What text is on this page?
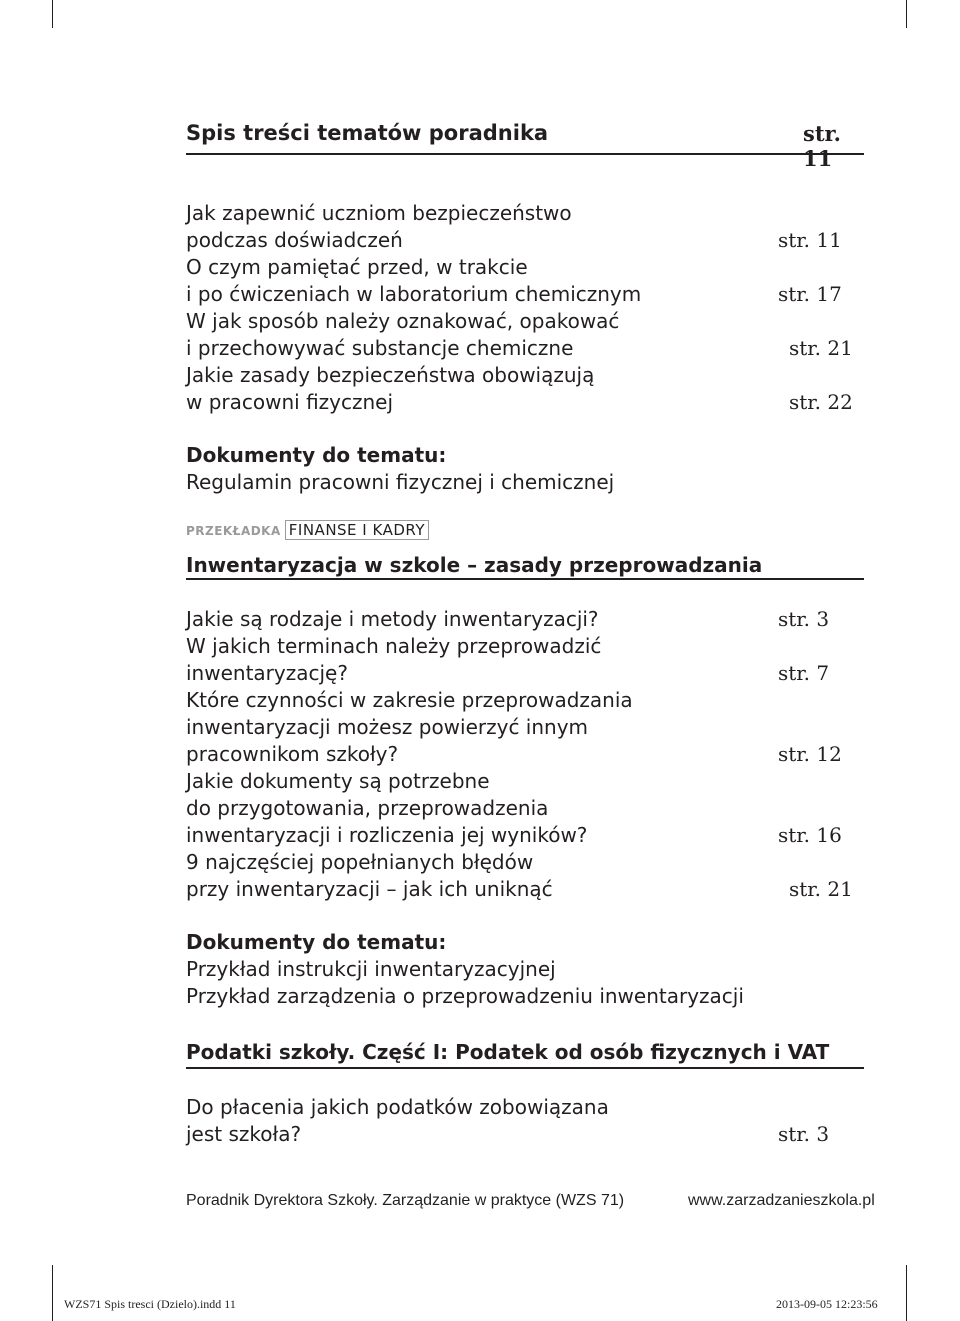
Spis treści tematów poradnika	str. 11
Jak zapewnić uczniom bezpieczeństwo
podczas doświadczeń	str. 11
O czym pamiętać przed, w trakcie
i po ćwiczeniach w laboratorium chemicznym	str. 17
W jak sposób należy oznakować, opakować
i przechowywać substancje chemiczne	str. 21
Jakie zasady bezpieczeństwa obowiązują
w pracowni fizycznej	str. 22
Dokumenty do tematu:
Regulamin pracowni fizycznej i chemicznej
PRZEKŁADKA FINANSE I KADRY
Inwentaryzacja w szkole – zasady przeprowadzania
Jakie są rodzaje i metody inwentaryzacji?	str. 3
W jakich terminach należy przeprowadzić
inwentaryzację?	str. 7
Które czynności w zakresie przeprowadzania
inwentaryzacji możesz powierzyć innym
pracownikom szkoły?	str. 12
Jakie dokumenty są potrzebne
do przygotowania, przeprowadzenia
inwentaryzacji i rozliczenia jej wyników?	str. 16
9 najczęściej popełnianych błędów
przy inwentaryzacji – jak ich uniknąć	str. 21
Dokumenty do tematu:
Przykład instrukcji inwentaryzacyjnej
Przykład zarządzenia o przeprowadzeniu inwentaryzacji
Podatki szkoły. Część I: Podatek od osób fizycznych i VAT
Do płacenia jakich podatków zobowiązana
jest szkoła?	str. 3
Poradnik Dyrektora Szkoły. Zarządzanie w praktyce (WZS 71)	www.zarzadzanieszkola.pl
WZS71 Spis tresci (Dzielo).indd 11	2013-09-05 12:23:56
